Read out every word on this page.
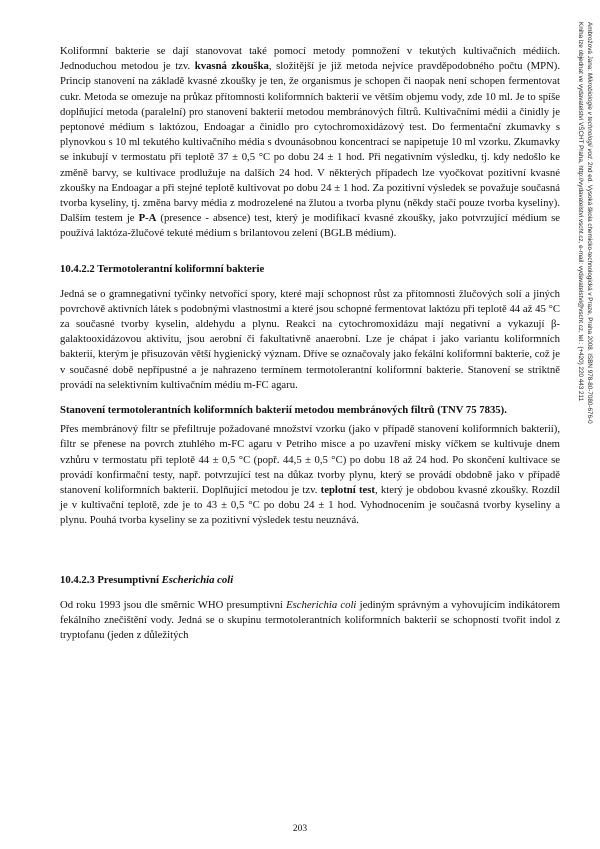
Ambrožová Jana: Mikrobiologie v technologii vod. 2nd ed. Vysoká škola chemicko-technologická v Praze, Praha 2008. ISBN 978-80-7080-676-0
Kniha lze objednat ve vydavatelství VŠCHT Praha, http://vydavatelstvi.vscht.cz, e-mail: vydavatelstvi@vscht.cz, tel.: (+420) 220 443 211

Koliformní bakterie se dají stanovovat také pomocí metody pomnožení v tekutých kultivačních médiích. Jednoduchou metodou je tzv. kvasná zkouška, složitější je již metoda nejvíce pravděpodobného počtu (MPN). Princip stanovení na základě kvasné zkoušky je ten, že organismus je schopen či naopak není schopen fermentovat cukr. Metoda se omezuje na průkaz přítomnosti koliformních bakterií ve větším objemu vody, zde 10 ml. Je to spíše doplňující metoda (paralelní) pro stanovení bakterií metodou membránových filtrů. Kultivačními médii a činidly je peptonové médium s laktózou, Endoagar a činidlo pro cytochromoxidázový test. Do fermentační zkumavky s plynovkou s 10 ml tekutého kultivačního média s dvounásobnou koncentrací se napipetuje 10 ml vzorku. Zkumavky se inkubují v termostatu při teplotě 37 ± 0,5 °C po dobu 24 ± 1 hod. Při negativním výsledku, tj. kdy nedošlo ke změně barvy, se kultivace prodlužuje na dalších 24 hod. V některých případech lze vyočkovat pozitivní kvasné zkoušky na Endoagar a při stejné teplotě kultivovat po dobu 24 ± 1 hod. Za pozitivní výsledek se považuje současná tvorba kyseliny, tj. změna barvy média z modrozelené na žlutou a tvorba plynu (někdy stačí pouze tvorba kyseliny). Dalším testem je P-A (presence - absence) test, který je modifikací kvasné zkoušky, jako potvrzující médium se používá laktóza-žlučové tekuté médium s brilantovou zelení (BGLB médium).

10.4.2.2 Termotolerantní koliformní bakterie

Jedná se o gramnegativní tyčinky netvořící spory, které mají schopnost růst za přítomnosti žlučových solí a jiných povrchově aktivních látek s podobnými vlastnostmi a které jsou schopné fermentovat laktózu při teplotě 44 až 45 °C za současné tvorby kyselin, aldehydu a plynu. Reakci na cytochromoxidázu mají negativní a vykazují β-galaktooxidázovou aktivitu, jsou aerobní či fakultativně anaerobní. Lze je chápat i jako variantu koliformních bakterií, kterým je přisuzován větší hygienický význam. Dříve se označovaly jako fekální koliformní bakterie, což je v současné době nepřípustné a je nahrazeno termínem termotolerantní koliformní bakterie. Stanovení se striktně provádí na selektivním kultivačním médiu m-FC agaru.

Stanovení termotolerantních koliformních bakterií metodou membránových filtrů (TNV 75 7835).

Přes membránový filtr se přefiltruje požadované množství vzorku (jako v případě stanovení koliformních bakterií), filtr se přenese na povrch ztuhlého m-FC agaru v Petriho misce a po uzavření misky víčkem se kultivuje dnem vzhůru v termostatu při teplotě 44 ± 0,5 °C (popř. 44,5 ± 0,5 °C) po dobu 18 až 24 hod. Po skončení kultivace se provádí konfirmační testy, např. potvrzující test na důkaz tvorby plynu, který se provádí obdobně jako v případě stanovení koliformních bakterií. Doplňující metodou je tzv. teplotní test, který je obdobou kvasné zkoušky. Rozdíl je v kultivační teplotě, zde je to 43 ± 0,5 °C po dobu 24 ± 1 hod. Vyhodnocením je současná tvorby kyseliny a plynu. Pouhá tvorba kyseliny se za pozitivní výsledek testu neuznává.

10.4.2.3 Presumptivní Escherichia coli

Od roku 1993 jsou dle směrnic WHO presumptivní Escherichia coli jediným správným a vyhovujícím indikátorem fekálního znečištění vody. Jedná se o skupinu termotolerantních koliformních bakterií se schopností tvořit indol z tryptofanu (jeden z důležitých

203
